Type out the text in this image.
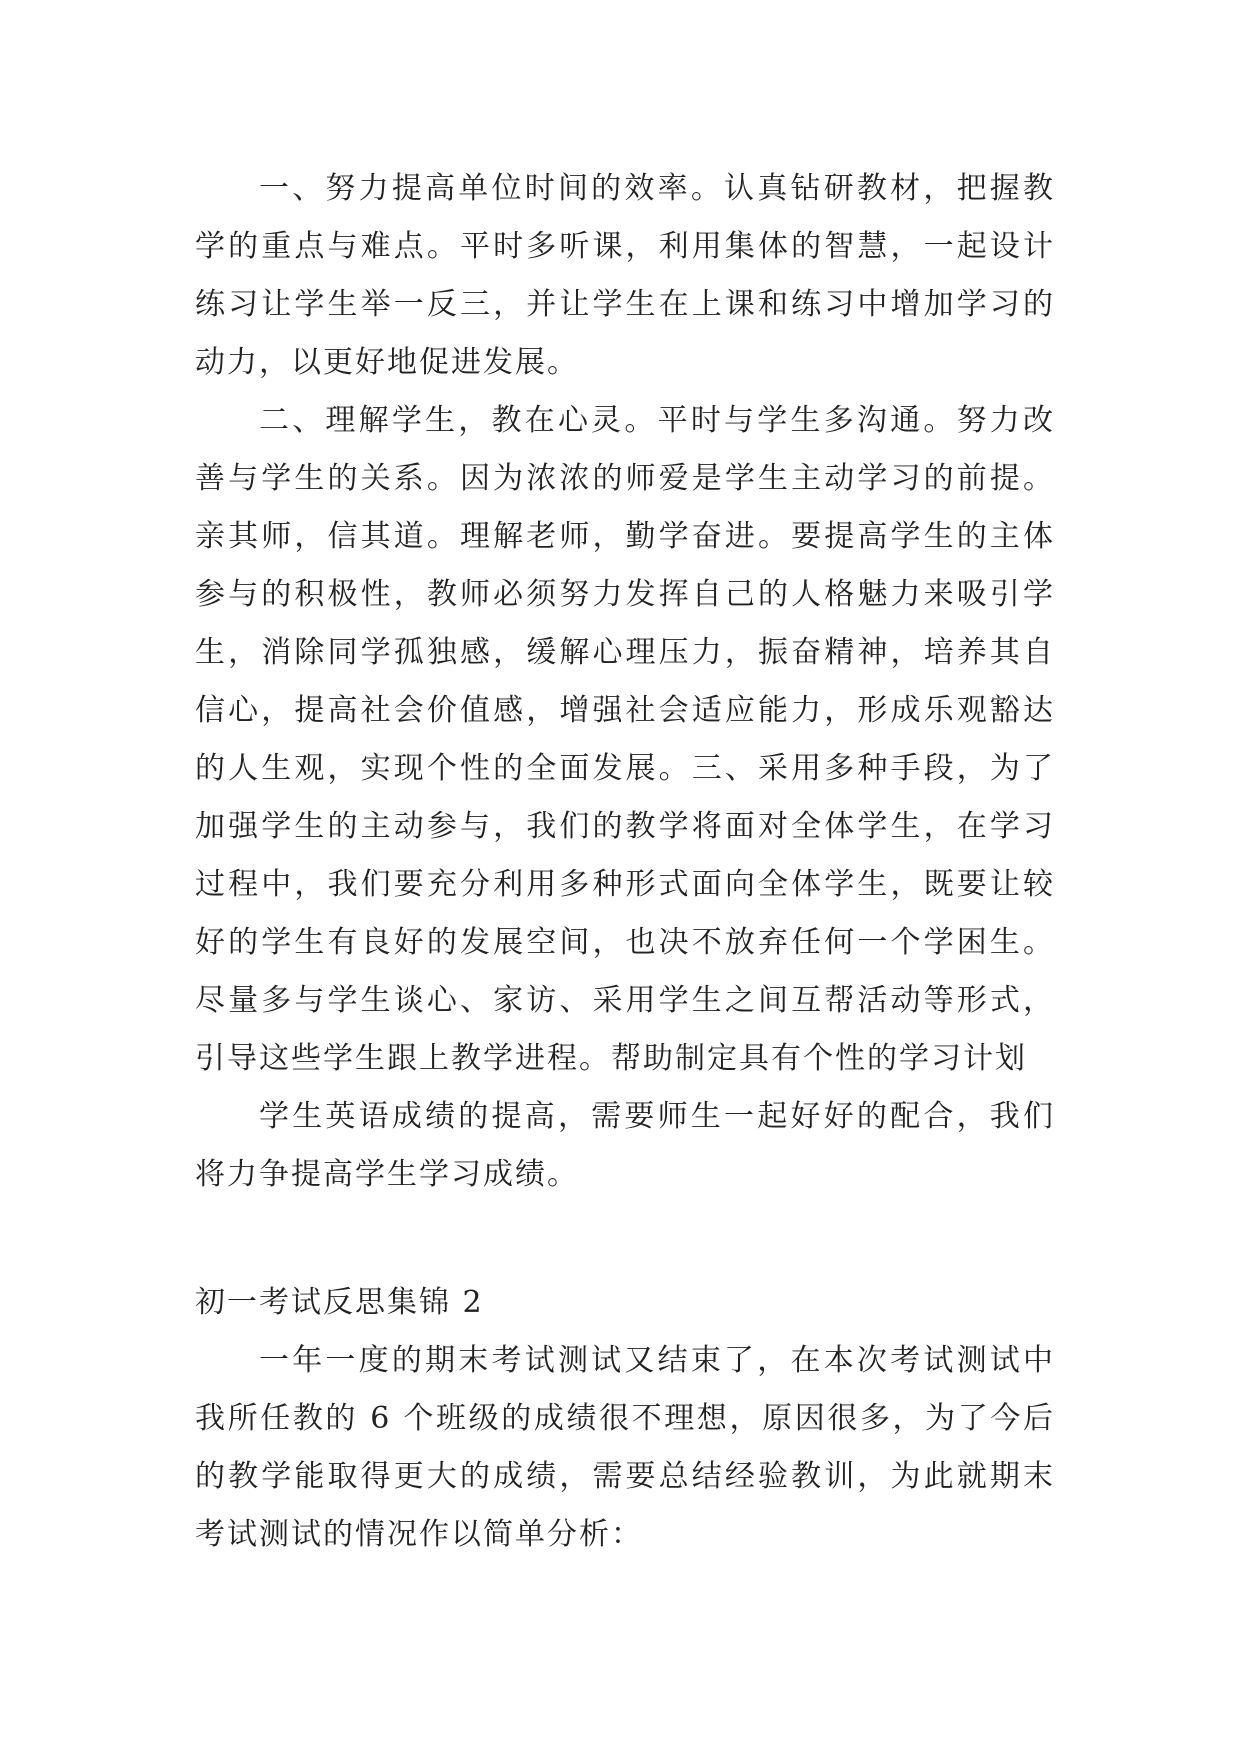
一、努力提高单位时间的效率。认真钻研教材，把握教学的重点与难点。平时多听课，利用集体的智慧，一起设计练习让学生举一反三，并让学生在上课和练习中增加学习的动力，以更好地促进发展。

二、理解学生，教在心灵。平时与学生多沟通。努力改善与学生的关系。因为浓浓的师爱是学生主动学习的前提。亲其师，信其道。理解老师，勤学奋进。要提高学生的主体参与的积极性，教师必须努力发挥自己的人格魅力来吸引学生，消除同学孤独感，缓解心理压力，振奋精神，培养其自信心，提高社会价值感，增强社会适应能力，形成乐观豁达的人生观，实现个性的全面发展。三、采用多种手段，为了加强学生的主动参与，我们的教学将面对全体学生，在学习过程中，我们要充分利用多种形式面向全体学生，既要让较好的学生有良好的发展空间，也决不放弃任何一个学困生。尽量多与学生谈心、家访、采用学生之间互帮活动等形式，引导这些学生跟上教学进程。帮助制定具有个性的学习计划

学生英语成绩的提高，需要师生一起好好的配合，我们将力争提高学生学习成绩。

初一考试反思集锦 2

一年一度的期末考试测试又结束了，在本次考试测试中我所任教的 6 个班级的成绩很不理想，原因很多，为了今后的教学能取得更大的成绩，需要总结经验教训，为此就期末考试测试的情况作以简单分析：
